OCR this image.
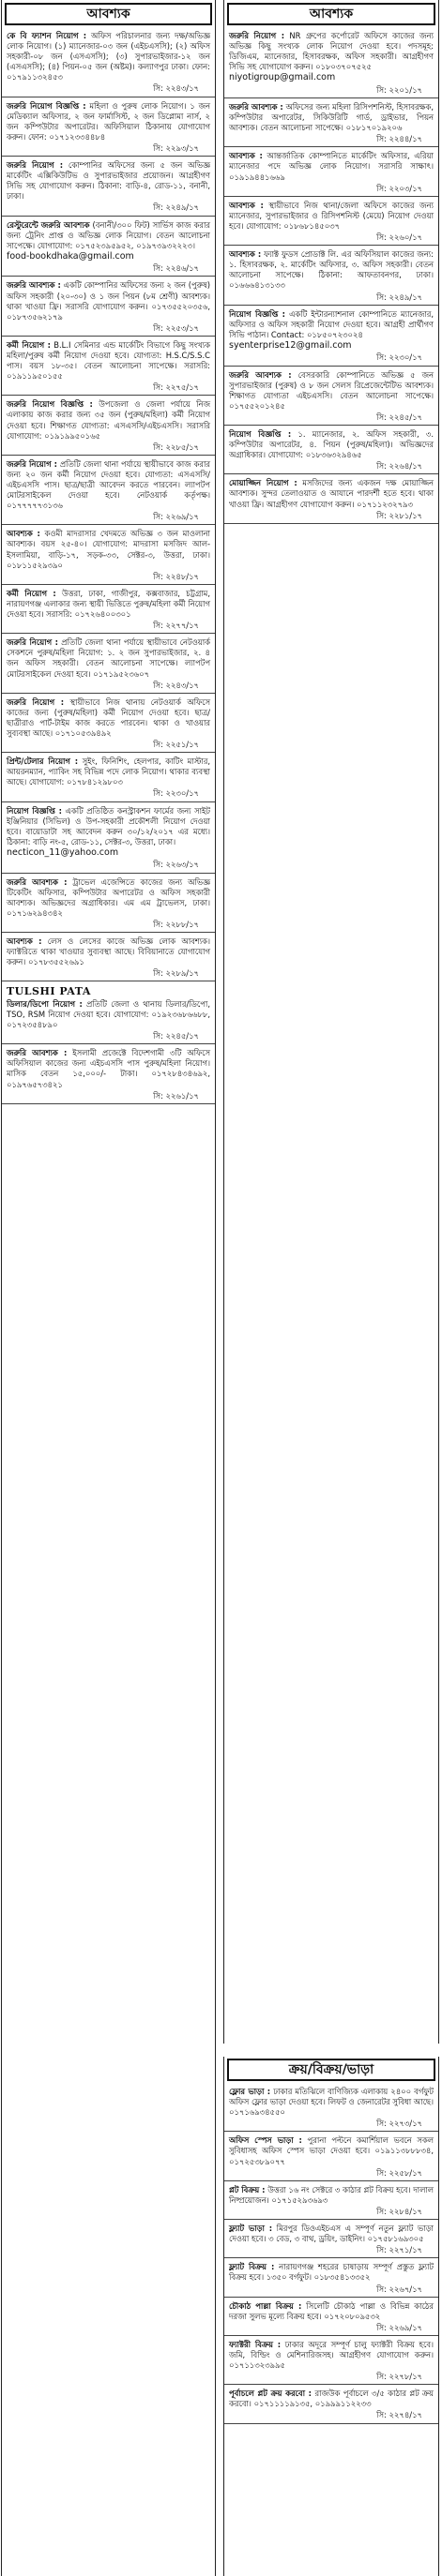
আবশ্যক
কে বি ফ্যাশন নিয়োগ : অফিস পরিচালনার জন্য দক্ষ/অভিজ্ঞ লোক নিয়োগ। (১) ম্যানেজার-০৩ জন (এইচএসসি); (২) অফিস সহকারী-০৮ জন (এসএসসি); (৩) সুপারভাইজার-১২ জন (এসএসসি); (৪) পিয়ন-০৫ জন (অষ্টম)। কল্যাণপুর ঢাকা। ফোন: ০১৭৯১১৩২৪৫৩
সি: ২২৪৩/১৭
জরুরি নিয়োগ বিজ্ঞপ্তি : মহিলা ও পুরুষ লোক নিয়োগ। ১ জন মেডিক্যাল অফিসার, ২ জন ফার্মাসিস্ট, ২ জন ডিপ্লোমা নার্স, ২ জন কম্পিউটার অপারেটর। অফিসিয়াল ঠিকানায় যোগাযোগ করুন। ফোন: ০১৭১২৩৩৪৪৮৪
সি: ২২৯৩/১৭
জরুরি নিয়োগ : কোম্পানির অফিসের জন্য ৫ জন অভিজ্ঞ মার্কেটিং এক্সিকিউটিভ ও সুপারভাইজার প্রয়োজন। আগ্রহীগণ সিভি সহ যোগাযোগ করুন। ঠিকানা: বাড়ি-৪, রোড-১১, বনানী, ঢাকা।
সি: ২২৪৯/১৭
রেস্টুরেন্টে জরুরি আবশ্যক (বনানী/৩০০ ফিট) সার্ভিস কাজ করার জন্য ট্রেনিং প্রাপ্ত ও অভিজ্ঞ লোক নিয়োগ। বেতন আলোচনা সাপেক্ষে। যোগাযোগ: ০১৭৫২৩৯৫৯৫২, ০১৯৭৩৯৩২২২৩।
food-bookdhaka@gmail.com
সি: ২২৪৬/১৭
জরুরি আবশ্যক : একটি কোম্পানির অফিসের জন্য ২ জন (পুরুষ) অফিস সহকারী (২০-৩০) ও ১ জন পিয়ন (৮ম শ্রেণী) আবশ্যক। থাকা খাওয়া ফ্রি। সরাসরি যোগাযোগ করুন। ০১৭৩৫৫২০৩৫৬, ০১৮৭৩৫৬২১৭৯
সি: ২২৫৩/১৭
কর্মী নিয়োগ : B.L.I সেমিনার এন্ড মার্কেটিং বিভাগে কিছু সংখ্যক মহিলা/পুরুষ কর্মী নিয়োগ দেওয়া হবে। যোগ্যতা: H.S.C/S.S.C পাস। বয়স ১৮-৩৫। বেতন আলোচনা সাপেক্ষে। সরাসরি: ০১৯১১৯৫০১৫৫
সি: ২২৭৫/১৭
জরুরি নিয়োগ বিজ্ঞপ্তি : উপজেলা ও জেলা পর্যায়ে নিজ এলাকায় কাজ করার জন্য ৩৫ জন (পুরুষ/মহিলা) কর্মী নিয়োগ দেওয়া হবে। শিক্ষাগত যোগ্যতা: এসএসসি/এইচএসসি। সরাসরি যোগাযোগ: ০১৯১৯৯৫০১৬৫
সি: ২২৮৫/১৭
জরুরি নিয়োগ : প্রতিটি জেলা থানা পর্যায়ে স্থায়ীভাবে কাজ করার জন্য ২০ জন কর্মী নিয়োগ দেওয়া হবে। যোগ্যতা: এসএসসি/এইচএসসি পাস। ছাত্র/ছাত্রী আবেদন করতে পারবেন। ল্যাপটপ মোটরসাইকেল দেওয়া হবে। নেটওয়ার্ক কর্তৃপক্ষ। ০১৭৭৭৭৭৩১৩৬
সি: ২২৬৯/১৭
আবশ্যক : কওমী মাদরাসার খেদমতে অভিজ্ঞ ৩ জন মাওলানা আবশ্যক। বয়স ২৫-৪০। যোগাযোগ: মাদরাসা মসজিদ আল-ইসলামিয়া, বাড়ি-১৭, সড়ক-৩৩, সেক্টর-৩, উত্তরা, ঢাকা। ০১৮১১৫২৯৩৯০
সি: ২২৪৮/১৭
কর্মী নিয়োগ : উত্তরা, ঢাকা, গাজীপুর, কক্সবাজার, চট্টগ্রাম, নারায়ণগঞ্জ এলাকার জন্য স্থায়ী ভিত্তিতে পুরুষ/মহিলা কর্মী নিয়োগ দেওয়া হবে। সরাসরি: ০১৭২৬৪০০৩০১
সি: ২২৭৭/১৭
জরুরি নিয়োগ : প্রতিটি জেলা থানা পর্যায়ে স্থায়ীভাবে নেটওয়ার্ক সেকশনে পুরুষ/মহিলা নিয়োগ: ১. ২ জন সুপারভাইজার, ২. ৪ জন অফিস সহকারী। বেতন আলোচনা সাপেক্ষে। ল্যাপটপ মোটরসাইকেল দেওয়া হবে। ০১৭১৯৫২৩৬০৭
সি: ২২৪৩/১৭
জরুরি নিয়োগ : স্থায়ীভাবে নিজ থানায় নেটওয়ার্ক অফিসে কাজের জন্য (পুরুষ/মহিলা) কর্মী নিয়োগ দেওয়া হবে। ছাত্র/ছাত্রীরাও পার্ট-টাইম কাজ করতে পারবেন। থাকা ও খাওয়ার সুব্যবস্থা আছে। ০১৭১০৫৩৯৪৯২
সি: ২২৫১/১৭
প্রিন্ট/টেলার নিয়োগ : সুইং, ফিনিশিং, হেলপার, কাটিং মাস্টার, আয়রনম্যান, প্যাকিং সহ বিভিন্ন পদে লোক নিয়োগ। থাকার ব্যবস্থা আছে। যোগাযোগ: ০১৭৮৪১২৯৮০৩
সি: ২২৩০/১৭
নিয়োগ বিজ্ঞপ্তি : একটি প্রতিষ্ঠিত কনস্ট্রাকশন ফার্মের জন্য সাইট ইঞ্জিনিয়ার (সিভিল) ও উপ-সহকারী প্রকৌশলী নিয়োগ দেওয়া হবে। বায়োডাটা সহ আবেদন করুন ৩০/১২/২০১৭ এর মধ্যে। ঠিকানা: বাড়ি নং-৫, রোড-১১, সেক্টর-৩, উত্তরা, ঢাকা।
necticon_11@yahoo.com
সি: ২২৬৩/১৭
জরুরি আবশ্যক : ট্রাভেল এজেন্সিতে কাজের জন্য অভিজ্ঞ টিকেটিং অফিসার, কম্পিউটার অপারেটর ও অফিস সহকারী আবশ্যক। অভিজ্ঞদের অগ্রাধিকার। এম এম ট্রাভেলস, ঢাকা। ০১৭১৬২৯৪৩৪২
সি: ২২৮৮/১৭
আবশ্যক : লেস ও লেসের কাজে অভিজ্ঞ লোক আবশ্যক। ফ্যাক্টরিতে থাকা খাওয়ার সুব্যবস্থা আছে। বিবিয়ানাতে যোগাযোগ করুন। ০১৭৮৩৫৫২৬৯১
সি: ২২৮৯/১৭
TULSHI PATA
ডিলার/ডিপো নিয়োগ : প্রতিটি জেলা ও থানায় ডিলার/ডিপো, TSO, RSM নিয়োগ দেওয়া হবে। যোগাযোগ: ০১৯২৩৬৮৬৬৮৮, ০১৭২৩৫৪৮৯০
সি: ২২৪৫/১৭
জরুরি আবশ্যক : ইসলামী প্রজেক্টে বিদেশগামী ৩টি অফিসে অফিসিয়াল কাজের জন্য এইচএসসি পাস পুরুষ/মহিলা নিয়োগ। মাসিক বেতন ১৫,০০০/- টাকা। ০১৭২৮৪৩৪৬৯২, ০১৯৭৬৫৭৩৪২১
সি: ২২৬১/১৭
আবশ্যক
জরুরি নিয়োগ : NR গ্রুপের কর্পোরেট অফিসে কাজের জন্য অভিজ্ঞ কিছু সংখ্যক লোক নিয়োগ দেওয়া হবে। পদসমূহ: ডিজিএম, ম্যানেজার, হিসাবরক্ষক, অফিস সহকারী। আগ্রহীগণ সিভি সহ যোগাযোগ করুন। ০১৮০৩৭০৭৫২৫
niyotigroup@gmail.com
সি: ২২০১/১৭
জরুরি আবশ্যক : অফিসের জন্য মহিলা রিসিপশনিস্ট, হিসাবরক্ষক, কম্পিউটার অপারেটর, সিকিউরিটি গার্ড, ড্রাইভার, পিয়ন আবশ্যক। বেতন আলোচনা সাপেক্ষে। ০১৮১৭০১৯২০৬
সি: ২২৪৪/১৭
আবশ্যক : আন্তর্জাতিক কোম্পানিতে মার্কেটিং অফিসার, এরিয়া ম্যানেজার পদে অভিজ্ঞ লোক নিয়োগ। সরাসরি সাক্ষাৎ। ০১৯১৯৪৪১৬৬৯
সি: ২২০৩/১৭
আবশ্যক : স্থায়ীভাবে নিজ থানা/জেলা অফিসে কাজের জন্য ম্যানেজার, সুপারভাইজার ও রিসিপশনিস্ট (মেয়ে) নিয়োগ দেওয়া হবে। যোগাযোগ: ০১৮৬৮১৪৫০৩৭
সি: ২২৬০/১৭
আবশ্যক : ফ্যাক্ট ফুডস প্রোডাক্ট লি. এর অফিসিয়াল কাজের জন্য: ১. হিসাবরক্ষক, ২. মার্কেটিং অফিসার, ৩. অফিস সহকারী। বেতন আলোচনা সাপেক্ষে। ঠিকানা: আফতাবনগর, ঢাকা। ০১৬৬৬৪১৩১৩৩
সি: ২২৪৯/১৭
নিয়োগ বিজ্ঞপ্তি : একটি ইন্টারন্যাশনাল কোম্পানিতে ম্যানেজার, অফিসার ও অফিস সহকারী নিয়োগ দেওয়া হবে। আগ্রহী প্রার্থীগণ সিভি পাঠান। Contact: ০১৮৫০৭২৩০২৪
syenterprise12@gmail.com
সি: ২২৩০/১৭
জরুরি আবশ্যক : বেসরকারি কোম্পানিতে অভিজ্ঞ ৫ জন সুপারভাইজার (পুরুষ) ও ৮ জন সেলস রিপ্রেজেন্টেটিভ আবশ্যক। শিক্ষাগত যোগ্যতা এইচএসসি। বেতন আলোচনা সাপেক্ষে। ০১৭৫৫২০১২৪৫
সি: ২২৪৫/১৭
নিয়োগ বিজ্ঞপ্তি : ১. ম্যানেজার, ২. অফিস সহকারী, ৩. কম্পিউটার অপারেটর, ৪. পিয়ন (পুরুষ/মহিলা)। অভিজ্ঞদের অগ্রাধিকার। যোগাযোগ: ০১৮৩৬৩২৯৪৬৫
সি: ২২৬৪/১৭
মোয়াজ্জিন নিয়োগ : মসজিদের জন্য একজন দক্ষ মোয়াজ্জিন আবশ্যক। সুন্দর তেলাওয়াত ও আযানে পারদর্শী হতে হবে। থাকা খাওয়া ফ্রি। আগ্রহীগণ যোগাযোগ করুন। ০১৭১১২৩২৭৯৩
সি: ২২৮১/১৭
ক্রয়/বিক্রয়/ভাড়া
ফ্লোর ভাড়া : ঢাকার মতিঝিলে বাণিজ্যিক এলাকায় ২৪০০ বর্গফুট অফিস ফ্লোর ভাড়া দেওয়া হবে। লিফট ও জেনারেটর সুবিধা আছে। ০১৭১৬৯৩৪৫৫০
সি: ২২৭৩/১৭
অফিস স্পেস ভাড়া : পুরানা পল্টনে কমার্শিয়াল ভবনে সকল সুবিধাসহ অফিস স্পেস ভাড়া দেওয়া হবে। ০১৯১১৩৮৮৮৩৪, ০১৭২৫৩৮৯০৭৭
সি: ২২৫৮/১৭
প্লট বিক্রয় : উত্তরা ১৬ নং সেক্টরে ৩ কাঠার প্লট বিক্রয় হবে। দালাল নিষ্প্রয়োজন। ০১৭১৫২৯৩৬৯৩
সি: ২২৮৪/১৭
ফ্ল্যাট ভাড়া : মিরপুর ডিওএইচএস এ সম্পূর্ণ নতুন ফ্ল্যাট ভাড়া দেওয়া হবে। ৩ বেড, ৩ বাথ, ড্রয়িং, ডাইনিং। ০১৭৫৮১৬৯৩০৫
সি: ২২৭১/১৭
ফ্ল্যাট বিক্রয় : নারায়ণগঞ্জ শহরের চাষাড়ায় সম্পূর্ণ প্রস্তুত ফ্ল্যাট বিক্রয় হবে। ১৩৫০ বর্গফুট। ০১৮৩৫৪১৩৩৫২
সি: ২২৬৭/১৭
চৌকাঠ পাল্লা বিক্রয় : সিলেটি চৌকাঠ পাল্লা ও বিভিন্ন কাঠের দরজা সুলভ মূল্যে বিক্রয় হবে। ০১৭২০৮০৯৫৩২
সি: ২২৬৯/১৭
ফ্যাক্টরী বিক্রয় : ঢাকার অদূরে সম্পূর্ণ চালু ফ্যাক্টরী বিক্রয় হবে। জমি, বিল্ডিং ও মেশিনারিজসহ। আগ্রহীগণ যোগাযোগ করুন। ০১৭১১৩২৩৯৯৫
সি: ২২৭৮/১৭
পূর্বাচলে প্লট ক্রয় করবো : রাজউক পূর্বাচলে ৩/৫ কাঠার প্লট ক্রয় করবো। ০১৭১১১১৯১৩৫, ০১৯৯৯১১২২৩৩
সি: ২২৭৪/১৭
